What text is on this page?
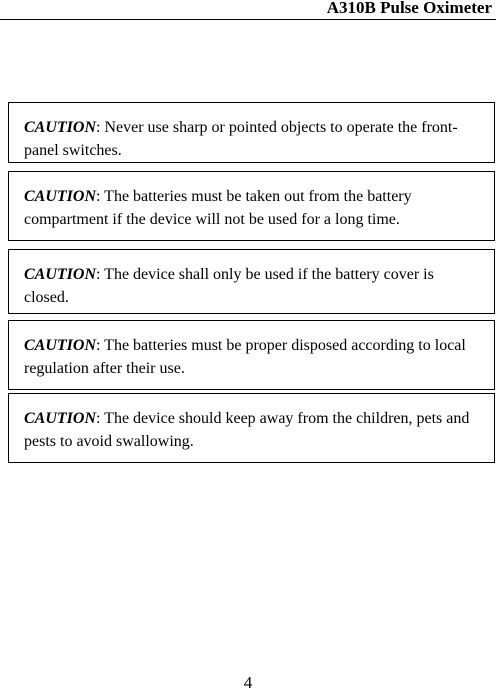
A310B Pulse Oximeter
CAUTION: Never use sharp or pointed objects to operate the front-panel switches.
CAUTION: The batteries must be taken out from the battery compartment if the device will not be used for a long time.
CAUTION: The device shall only be used if the battery cover is closed.
CAUTION: The batteries must be proper disposed according to local regulation after their use.
CAUTION: The device should keep away from the children, pets and pests to avoid swallowing.
4
